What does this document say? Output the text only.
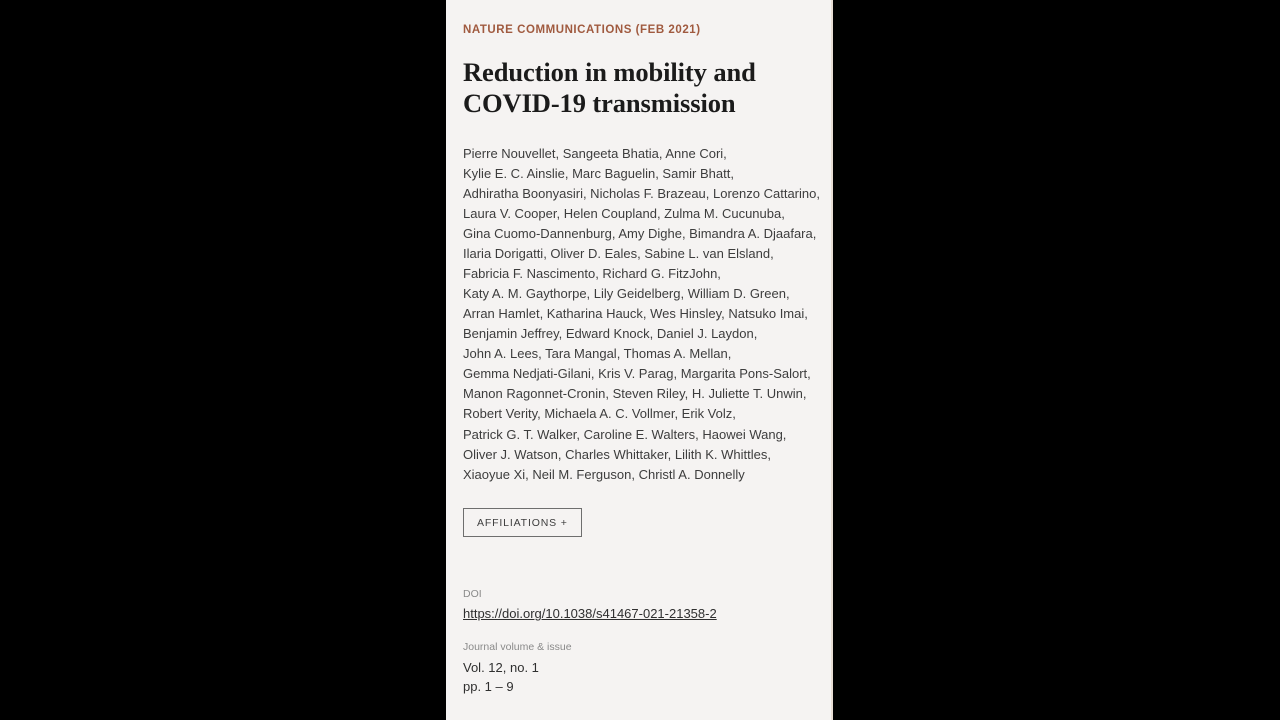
NATURE COMMUNICATIONS (FEB 2021)
Reduction in mobility and
COVID-19 transmission
Pierre Nouvellet, Sangeeta Bhatia, Anne Cori,
Kylie E. C. Ainslie, Marc Baguelin, Samir Bhatt,
Adhiratha Boonyasiri, Nicholas F. Brazeau, Lorenzo Cattarino,
Laura V. Cooper, Helen Coupland, Zulma M. Cucunuba,
Gina Cuomo-Dannenburg, Amy Dighe, Bimandra A. Djaafara,
Ilaria Dorigatti, Oliver D. Eales, Sabine L. van Elsland,
Fabricia F. Nascimento, Richard G. FitzJohn,
Katy A. M. Gaythorpe, Lily Geidelberg, William D. Green,
Arran Hamlet, Katharina Hauck, Wes Hinsley, Natsuko Imai,
Benjamin Jeffrey, Edward Knock, Daniel J. Laydon,
John A. Lees, Tara Mangal, Thomas A. Mellan,
Gemma Nedjati-Gilani, Kris V. Parag, Margarita Pons-Salort,
Manon Ragonnet-Cronin, Steven Riley, H. Juliette T. Unwin,
Robert Verity, Michaela A. C. Vollmer, Erik Volz,
Patrick G. T. Walker, Caroline E. Walters, Haowei Wang,
Oliver J. Watson, Charles Whittaker, Lilith K. Whittles,
Xiaoyue Xi, Neil M. Ferguson, Christl A. Donnelly
AFFILIATIONS +
DOI
https://doi.org/10.1038/s41467-021-21358-2
Journal volume & issue
Vol. 12, no. 1
pp. 1 – 9
